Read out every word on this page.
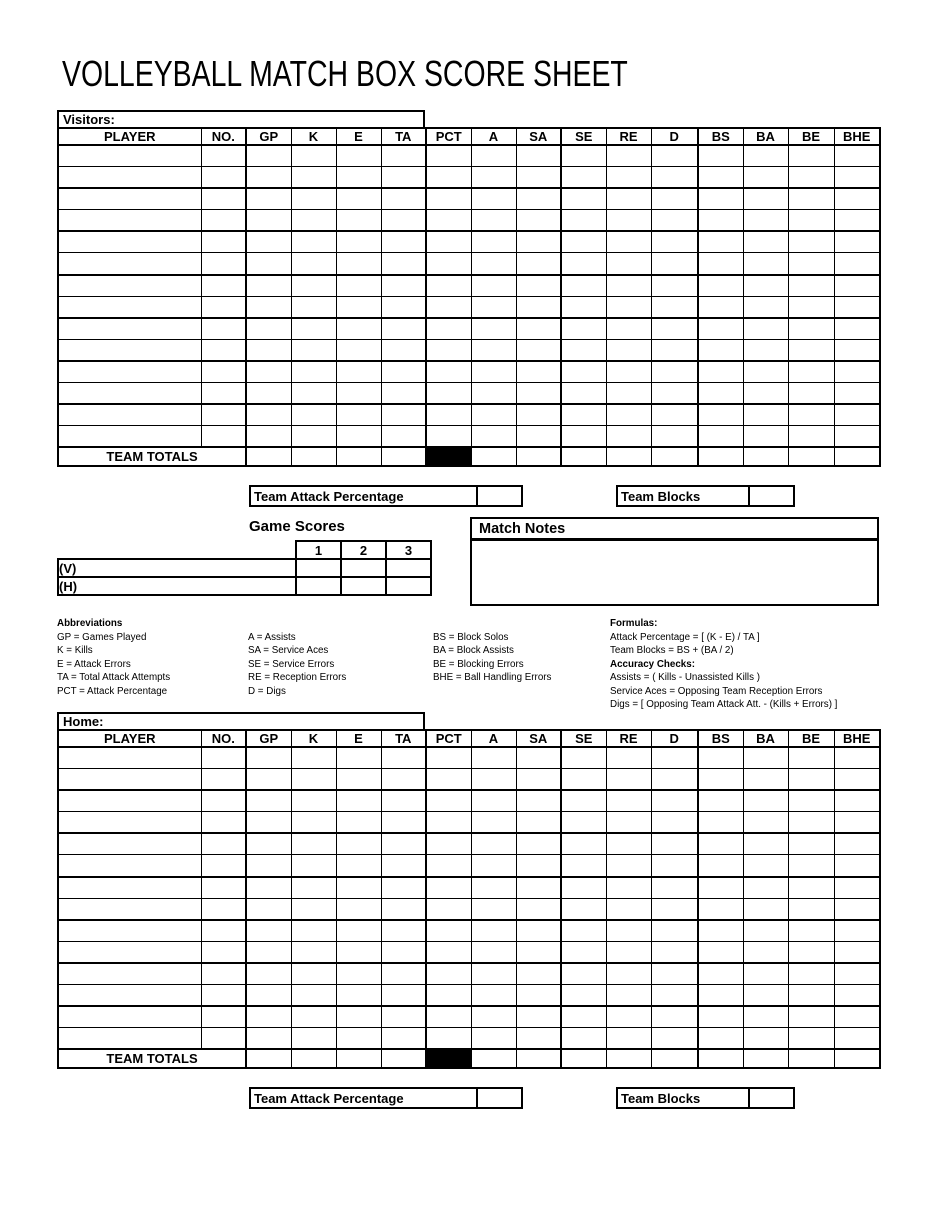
VOLLEYBALL MATCH BOX SCORE SHEET
Visitors:
PLAYER	NO.	GP	K	E	TA	PCT	A	SA	SE	RE	D	BS	BA	BE	BHE

TEAM TOTALS															
Team Attack Percentage	Team Blocks
Game Scores
	1	2	3
(V)			
(H)			
Match Notes
Abbreviations
GP = Games Played
K = Kills
E = Attack Errors
TA = Total Attack Attempts
PCT = Attack Percentage
A = Assists
SA = Service Aces
SE = Service Errors
RE = Reception Errors
D = Digs
BS = Block Solos
BA = Block Assists
BE = Blocking Errors
BHE = Ball Handling Errors
Formulas:
Attack Percentage = [ (K - E) / TA ]
Team Blocks = BS + (BA / 2)
Accuracy Checks:
Assists = ( Kills - Unassisted Kills )
Service Aces = Opposing Team Reception Errors
Digs = [ Opposing Team Attack Att. - (Kills + Errors) ]
Home:
PLAYER	NO.	GP	K	E	TA	PCT	A	SA	SE	RE	D	BS	BA	BE	BHE

TEAM TOTALS															
Team Attack Percentage	Team Blocks
